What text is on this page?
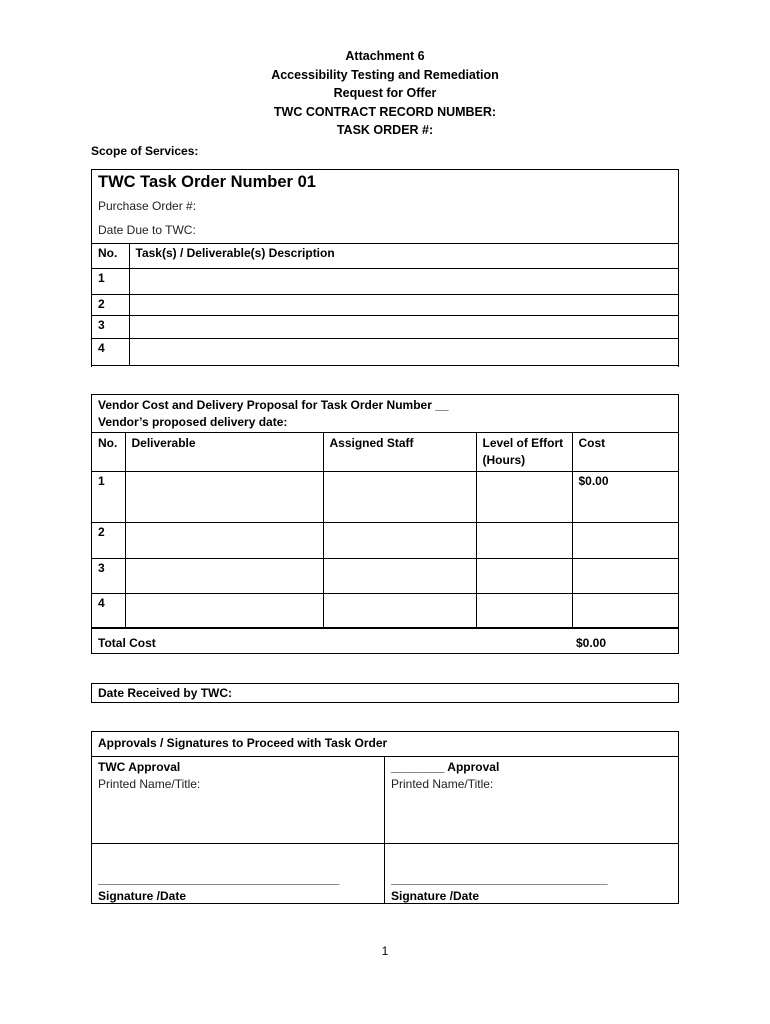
Attachment 6
Accessibility Testing and Remediation
Request for Offer
TWC CONTRACT RECORD NUMBER:
TASK ORDER #:
Scope of Services:
TWC Task Order Number 01
Purchase Order #:
Date Due to TWC:
No.	Task(s) / Deliverable(s) Description
1	
2	
3	
4	
Vendor Cost and Delivery Proposal for Task Order Number __
Vendor’s proposed delivery date:
No.	Deliverable	Assigned Staff	Level of Effort (Hours)	Cost
1				$0.00
2				
3				
4				
Total Cost	$0.00
Date Received by TWC:
Approvals / Signatures to Proceed with Task Order
TWC Approval
Printed Name/Title:
________ Approval
Printed Name/Title:
_______________________________________
Signature /Date
___________________________________
Signature /Date
1
